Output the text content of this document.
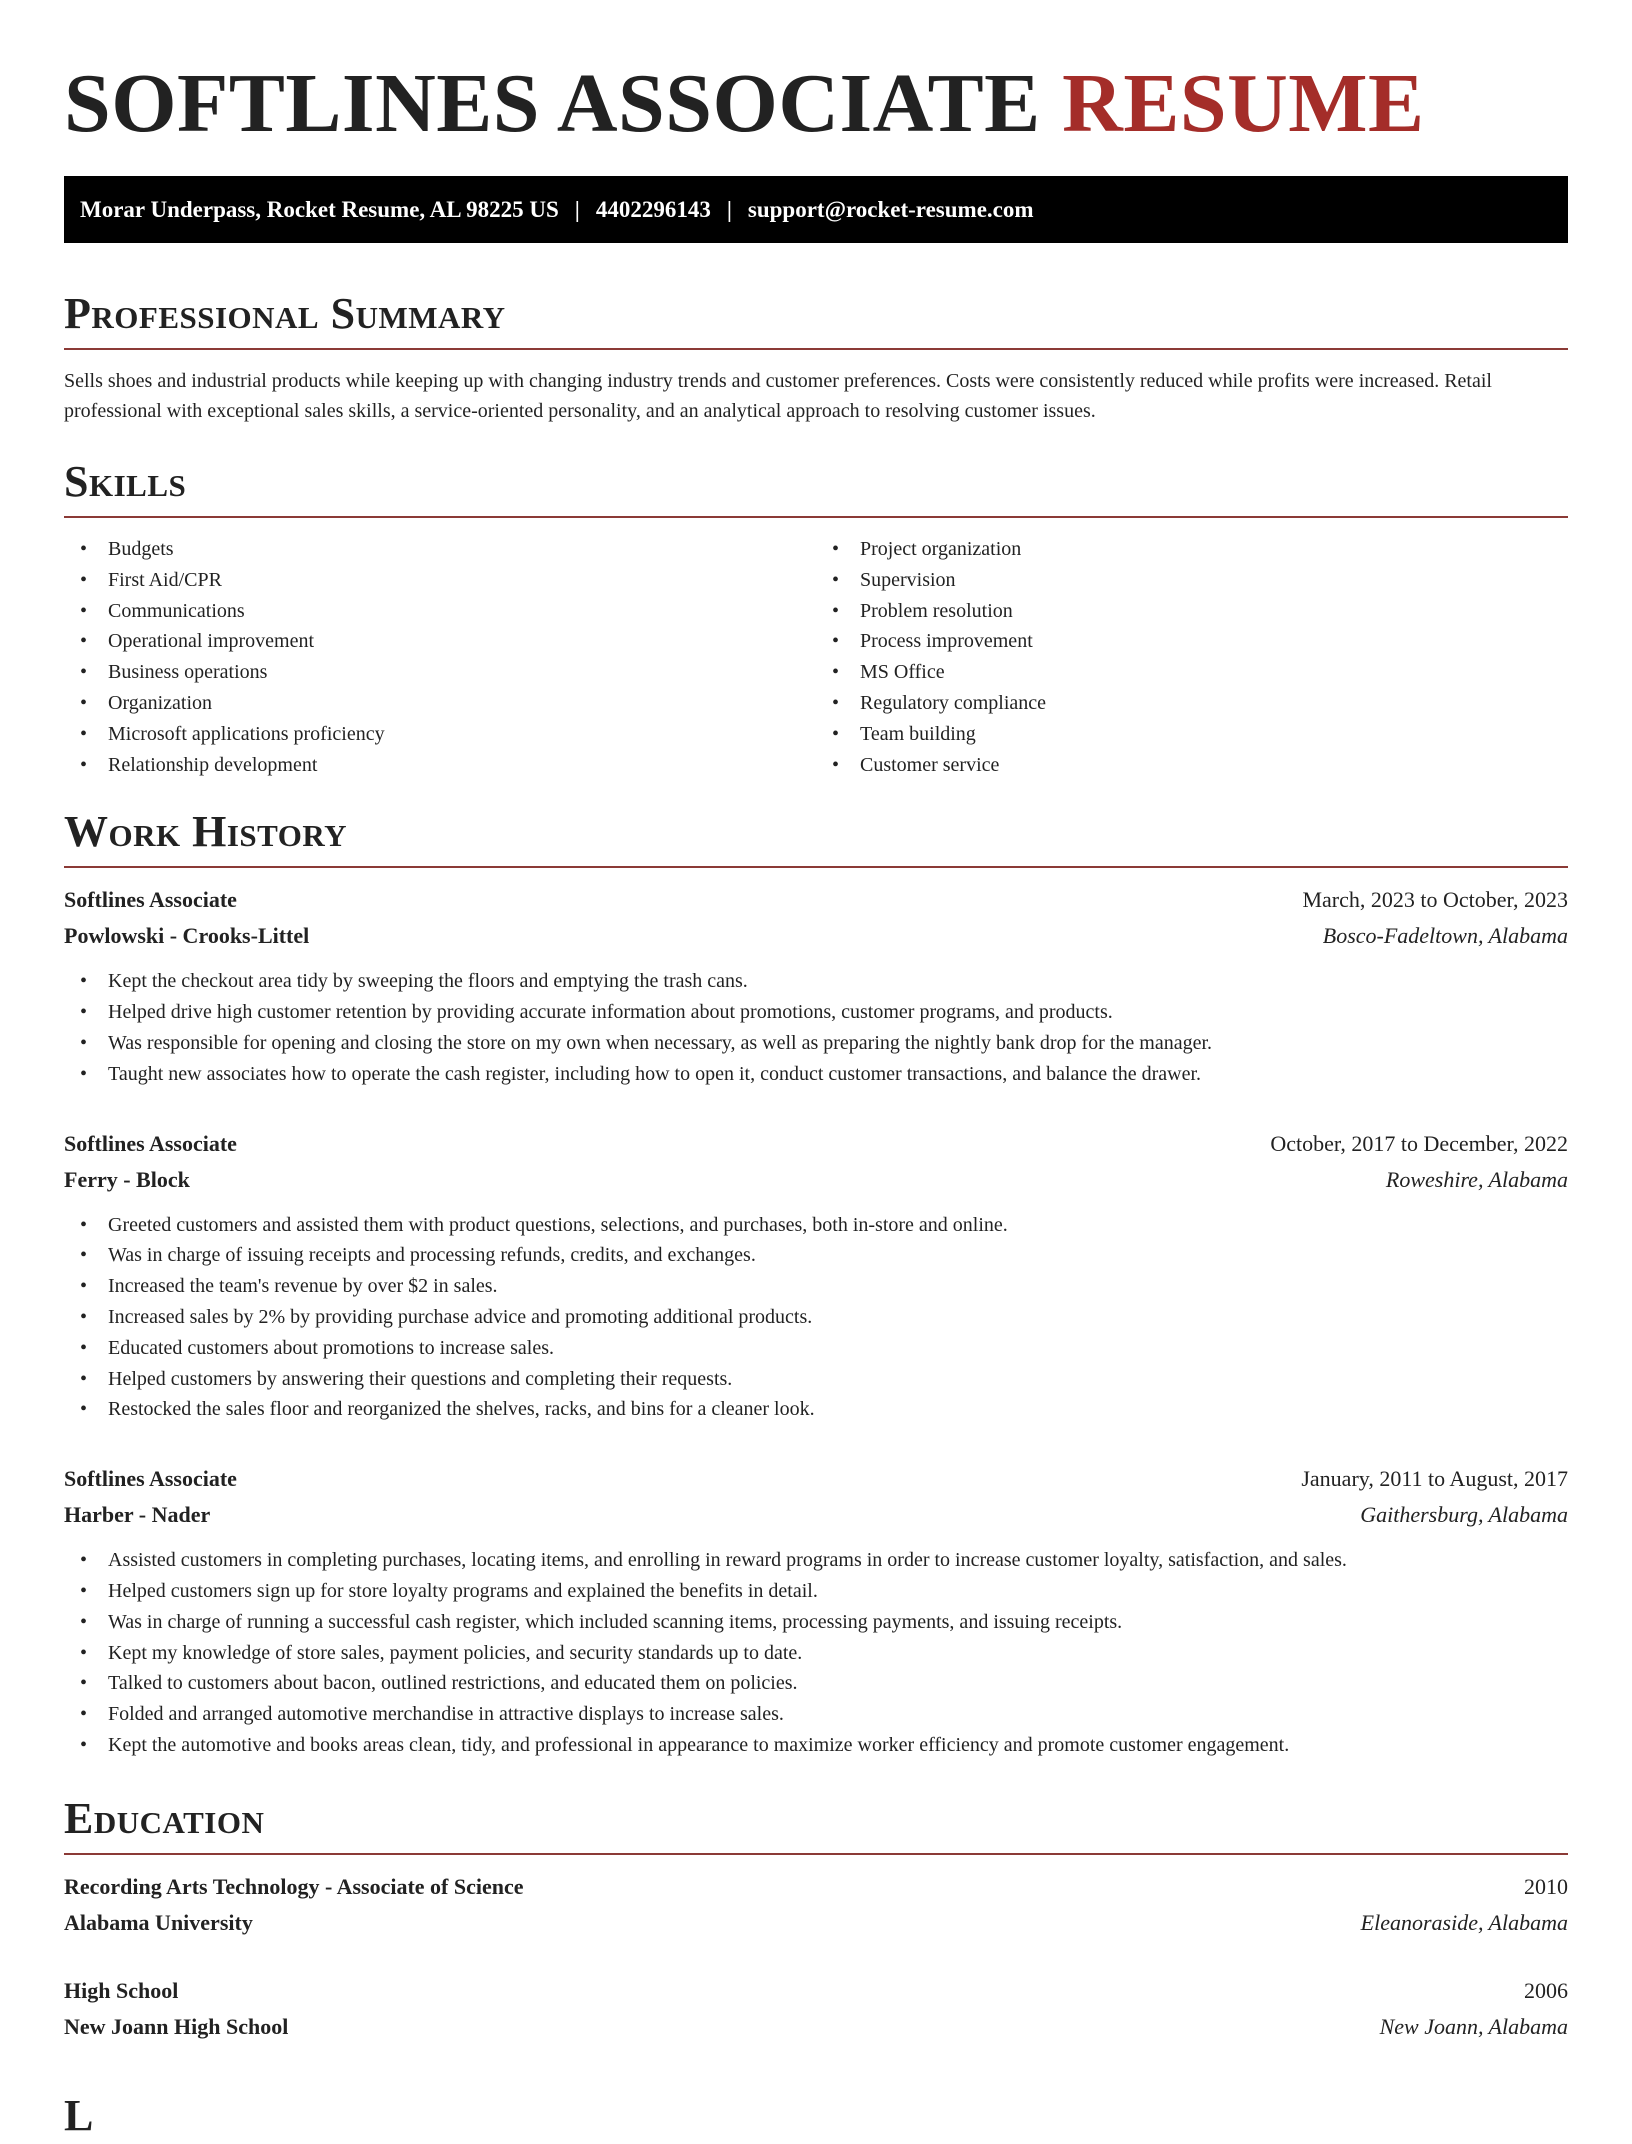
SOFTLINES ASSOCIATE RESUME
Morar Underpass, Rocket Resume, AL 98225 US | 4402296143 | support@rocket-resume.com
Professional Summary

Sells shoes and industrial products while keeping up with changing industry trends and customer preferences. Costs were consistently reduced while profits were increased. Retail professional with exceptional sales skills, a service-oriented personality, and an analytical approach to resolving customer issues.

Skills
• Budgets
• First Aid/CPR
• Communications
• Operational improvement
• Business operations
• Organization
• Microsoft applications proficiency
• Relationship development
• Project organization
• Supervision
• Problem resolution
• Process improvement
• MS Office
• Regulatory compliance
• Team building
• Customer service
Work History
Softlines Associate	March, 2023 to October, 2023
Powlowski - Crooks-Littel	Bosco-Fadeltown, Alabama
• Kept the checkout area tidy by sweeping the floors and emptying the trash cans.
• Helped drive high customer retention by providing accurate information about promotions, customer programs, and products.
• Was responsible for opening and closing the store on my own when necessary, as well as preparing the nightly bank drop for the manager.
• Taught new associates how to operate the cash register, including how to open it, conduct customer transactions, and balance the drawer.
Softlines Associate	October, 2017 to December, 2022
Ferry - Block	Roweshire, Alabama
• Greeted customers and assisted them with product questions, selections, and purchases, both in-store and online.
• Was in charge of issuing receipts and processing refunds, credits, and exchanges.
• Increased the team's revenue by over $2 in sales.
• Increased sales by 2% by providing purchase advice and promoting additional products.
• Educated customers about promotions to increase sales.
• Helped customers by answering their questions and completing their requests.
• Restocked the sales floor and reorganized the shelves, racks, and bins for a cleaner look.
Softlines Associate	January, 2011 to August, 2017
Harber - Nader	Gaithersburg, Alabama
• Assisted customers in completing purchases, locating items, and enrolling in reward programs in order to increase customer loyalty, satisfaction, and sales.
• Helped customers sign up for store loyalty programs and explained the benefits in detail.
• Was in charge of running a successful cash register, which included scanning items, processing payments, and issuing receipts.
• Kept my knowledge of store sales, payment policies, and security standards up to date.
• Talked to customers about bacon, outlined restrictions, and educated them on policies.
• Folded and arranged automotive merchandise in attractive displays to increase sales.
• Kept the automotive and books areas clean, tidy, and professional in appearance to maximize worker efficiency and promote customer engagement.
Education
Recording Arts Technology - Associate of Science	2010
Alabama University	Eleanoraside, Alabama
High School	2006
New Joann High School	New Joann, Alabama
L
